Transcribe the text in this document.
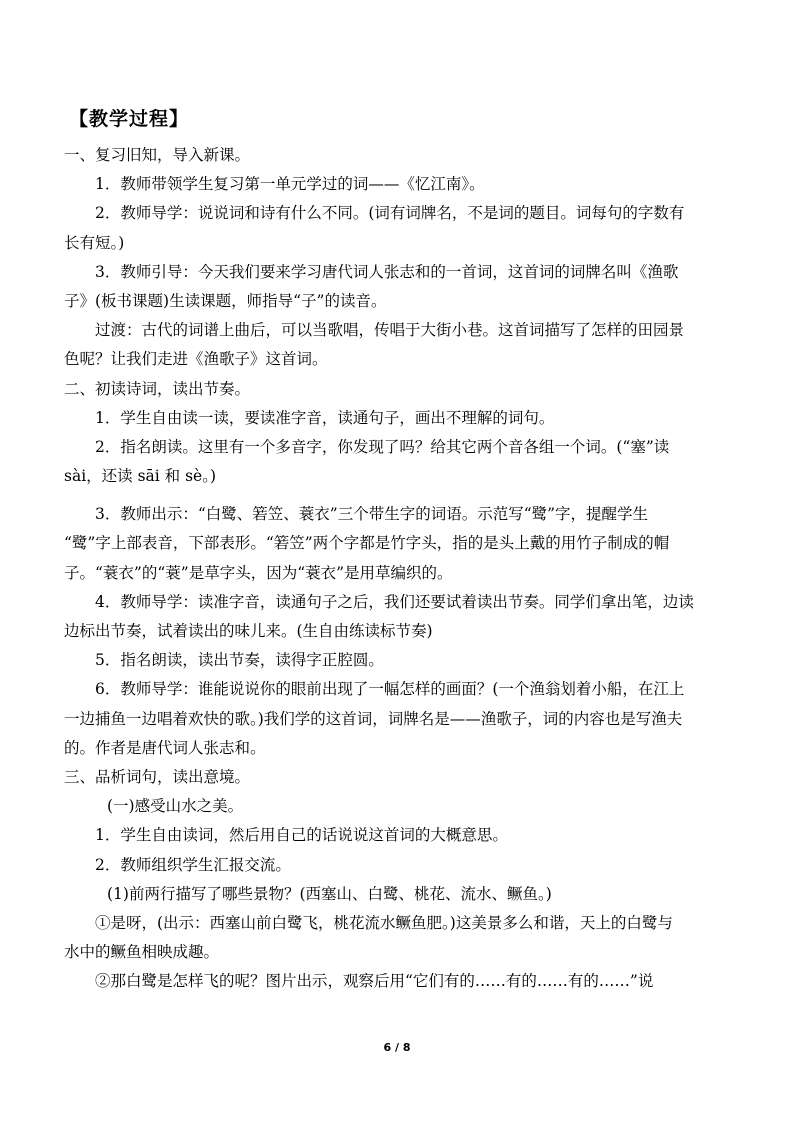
【教学过程】
一、复习旧知，导入新课。
1．教师带领学生复习第一单元学过的词——《忆江南》。
2．教师导学：说说词和诗有什么不同。(词有词牌名，不是词的题目。词每句的字数有
长有短。)
3．教师引导：今天我们要来学习唐代词人张志和的一首词，这首词的词牌名叫《渔歌
子》(板书课题)生读课题，师指导“子”的读音。
过渡：古代的词谱上曲后，可以当歌唱，传唱于大街小巷。这首词描写了怎样的田园景
色呢？让我们走进《渔歌子》这首词。
二、初读诗词，读出节奏。
1．学生自由读一读，要读准字音，读通句子，画出不理解的词句。
2．指名朗读。这里有一个多音字，你发现了吗？给其它两个音各组一个词。(“塞”读
sài，还读 sāi 和 sè。)
3．教师出示：“白鹭、箬笠、蓑衣”三个带生字的词语。示范写“鹭”字，提醒学生
“鹭”字上部表音，下部表形。“箬笠”两个字都是竹字头，指的是头上戴的用竹子制成的帽
子。“蓑衣”的“蓑”是草字头，因为“蓑衣”是用草编织的。
4．教师导学：读准字音，读通句子之后，我们还要试着读出节奏。同学们拿出笔，边读
边标出节奏，试着读出的味儿来。(生自由练读标节奏)
5．指名朗读，读出节奏，读得字正腔圆。
6．教师导学：谁能说说你的眼前出现了一幅怎样的画面？(一个渔翁划着小船，在江上
一边捕鱼一边唱着欢快的歌。)我们学的这首词，词牌名是——渔歌子，词的内容也是写渔夫
的。作者是唐代词人张志和。
三、品析词句，读出意境。
(一)感受山水之美。
1．学生自由读词，然后用自己的话说说这首词的大概意思。
2．教师组织学生汇报交流。
(1)前两行描写了哪些景物？(西塞山、白鹭、桃花、流水、鳜鱼。)
①是呀，(出示：西塞山前白鹭飞，桃花流水鳜鱼肥。)这美景多么和谐，天上的白鹭与
水中的鳜鱼相映成趣。
②那白鹭是怎样飞的呢？图片出示，观察后用“它们有的……有的……有的……”说
6 / 8
